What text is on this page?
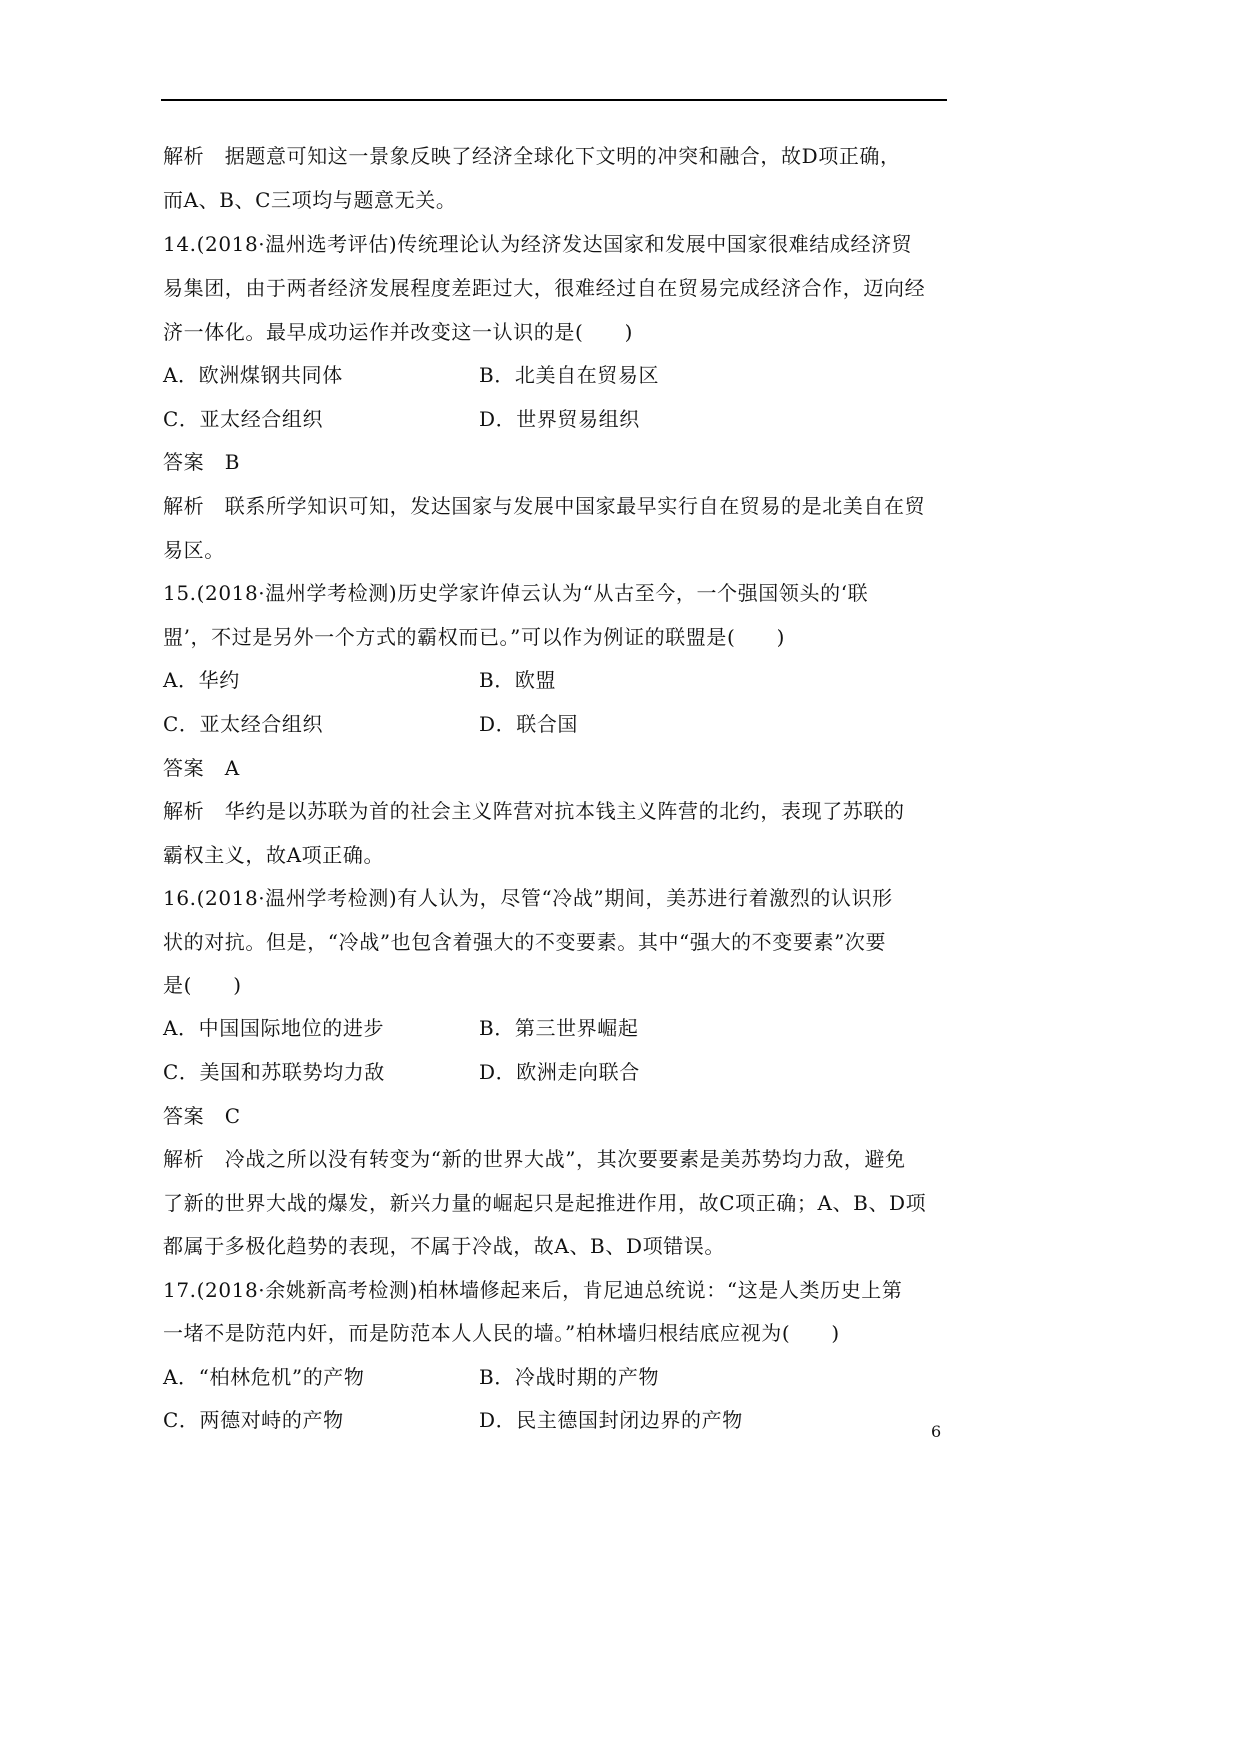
解析　据题意可知这一景象反映了经济全球化下文明的冲突和融合，故D项正确，
而A、B、C三项均与题意无关。
14.(2018·温州选考评估)传统理论认为经济发达国家和发展中国家很难结成经济贸
易集团，由于两者经济发展程度差距过大，很难经过自在贸易完成经济合作，迈向经
济一体化。最早成功运作并改变这一认识的是(　　)
A．欧洲煤钢共同体	B．北美自在贸易区
C．亚太经合组织	D．世界贸易组织
答案　B
解析　联系所学知识可知，发达国家与发展中国家最早实行自在贸易的是北美自在贸
易区。
15.(2018·温州学考检测)历史学家许倬云认为“从古至今，一个强国领头的‘联
盟’，不过是另外一个方式的霸权而已。”可以作为例证的联盟是(　　)
A．华约	B．欧盟
C．亚太经合组织	D．联合国
答案　A
解析　华约是以苏联为首的社会主义阵营对抗本钱主义阵营的北约，表现了苏联的
霸权主义，故A项正确。
16.(2018·温州学考检测)有人认为，尽管“冷战”期间，美苏进行着激烈的认识形
状的对抗。但是，“冷战”也包含着强大的不变要素。其中“强大的不变要素”次要
是(　　)
A．中国国际地位的进步	B．第三世界崛起
C．美国和苏联势均力敌	D．欧洲走向联合
答案　C
解析　冷战之所以没有转变为“新的世界大战”，其次要要素是美苏势均力敌，避免
了新的世界大战的爆发，新兴力量的崛起只是起推进作用，故C项正确；A、B、D项
都属于多极化趋势的表现，不属于冷战，故A、B、D项错误。
17.(2018·余姚新高考检测)柏林墙修起来后，肯尼迪总统说：“这是人类历史上第
一堵不是防范内奸，而是防范本人人民的墙。”柏林墙归根结底应视为(　　)
A．“柏林危机”的产物	B．冷战时期的产物
C．两德对峙的产物	D．民主德国封闭边界的产物	6
